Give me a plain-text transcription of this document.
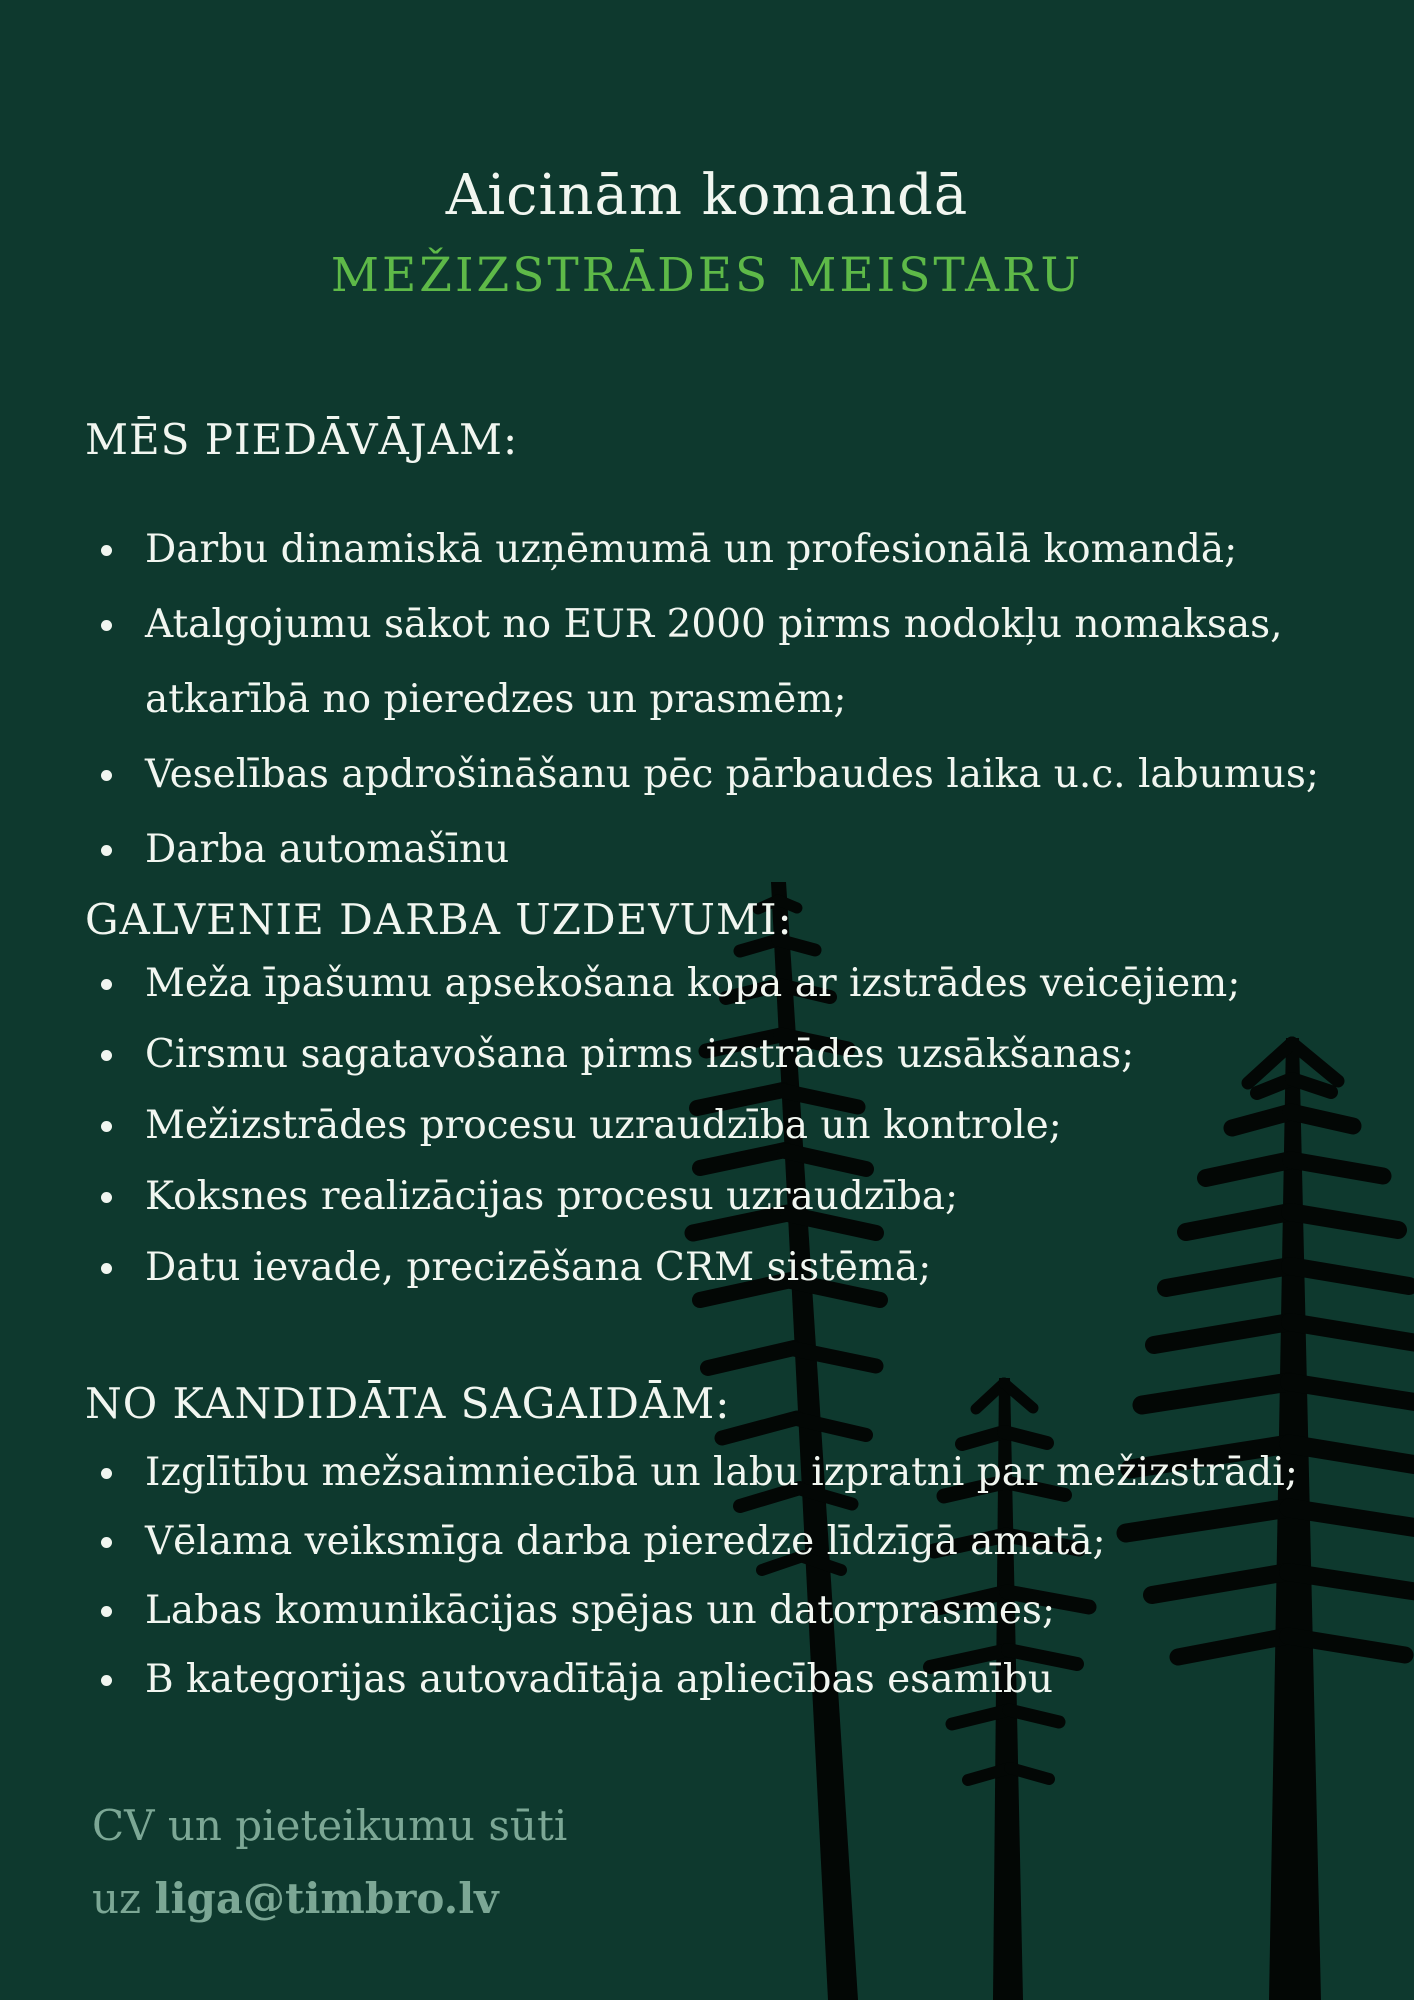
Aicinām komandā
MEŽIZSTRĀDES MEISTARU
MĒS PIEDĀVĀJAM:
Darbu dinamiskā uzņēmumā un profesionālā komandā;
Atalgojumu sākot no EUR 2000 pirms nodokļu nomaksas, atkarībā no pieredzes un prasmēm;
Veselības apdrošināšanu pēc pārbaudes laika u.c. labumus;
Darba automašīnu
GALVENIE DARBA UZDEVUMI:
Meža īpašumu apsekošana kopa ar izstrādes veicējiem;
Cirsmu sagatavošana pirms izstrādes uzsākšanas;
Mežizstrādes procesu uzraudzība un kontrole;
Koksnes realizācijas procesu uzraudzība;
Datu ievade, precizēšana CRM sistēmā;
NO KANDIDĀTA SAGAIDĀM:
Izglītību mežsaimniecībā un labu izpratni par mežizstrādi;
Vēlama veiksmīga darba pieredze līdzīgā amatā;
Labas komunikācijas spējas un datorprasmes;
B kategorijas autovadītāja apliecības esamību
CV un pieteikumu sūti
uz liga@timbro.lv
